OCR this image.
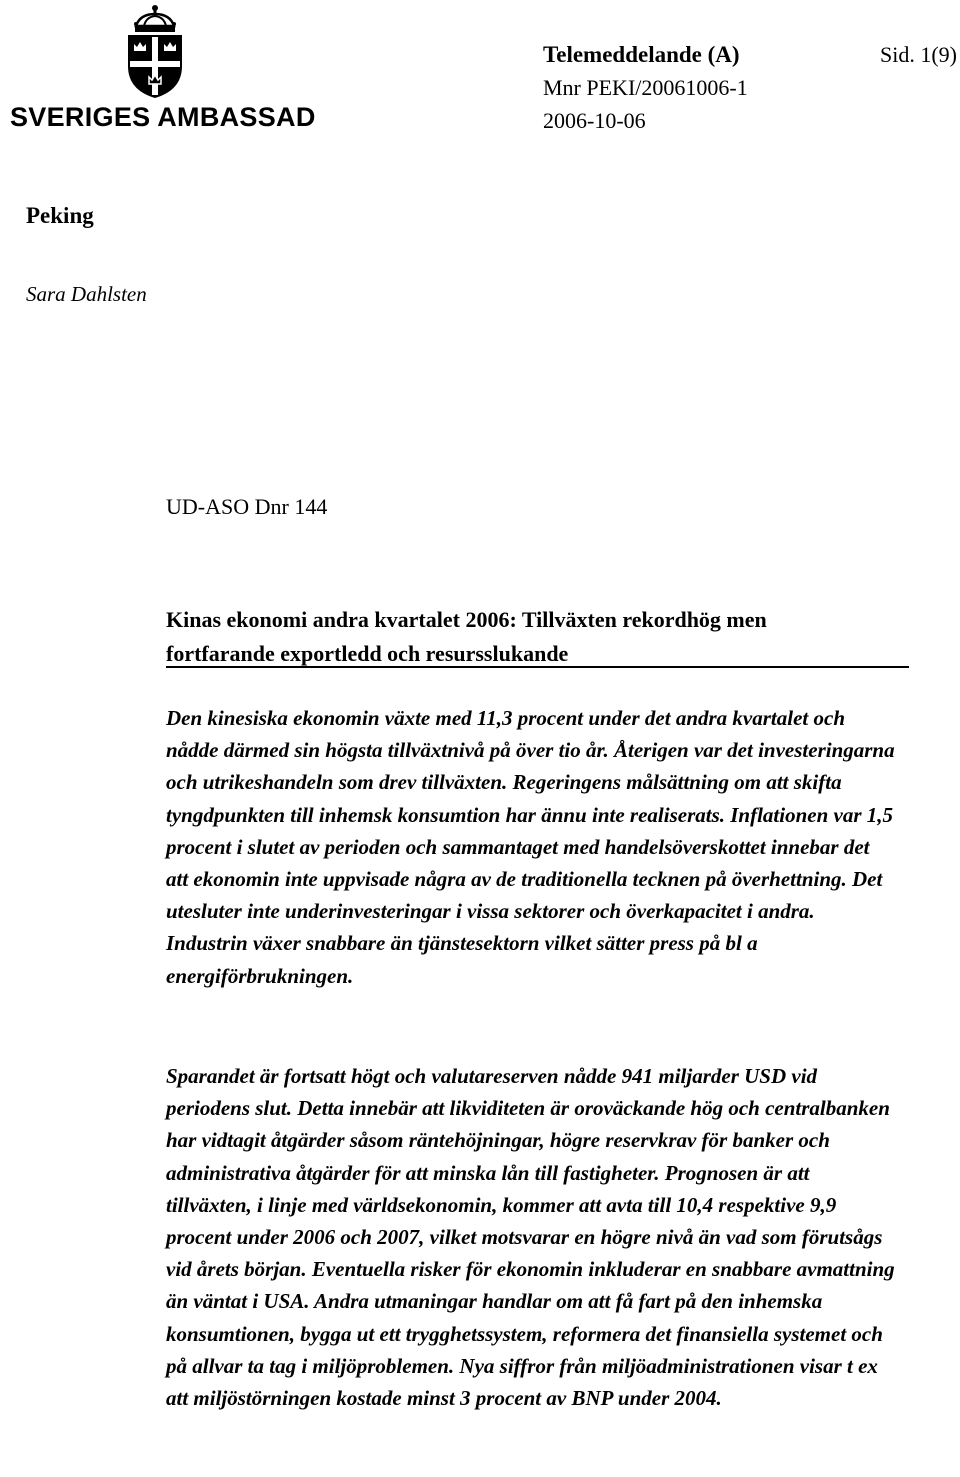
SVERIGES AMBASSAD
Telemeddelande (A)	Sid. 1(9)
Mnr PEKI/20061006-1
2006-10-06
Peking
Sara Dahlsten
UD-ASO Dnr 144
Kinas ekonomi andra kvartalet 2006: Tillväxten rekordhög men fortfarande exportledd och resursslukande

Den kinesiska ekonomin växte med 11,3 procent under det andra kvartalet och nådde därmed sin högsta tillväxtnivå på över tio år. Återigen var det investeringarna och utrikeshandeln som drev tillväxten. Regeringens målsättning om att skifta tyngdpunkten till inhemsk konsumtion har ännu inte realiserats. Inflationen var 1,5 procent i slutet av perioden och sammantaget med handelsöverskottet innebar det att ekonomin inte uppvisade några av de traditionella tecknen på överhettning. Det utesluter inte underinvesteringar i vissa sektorer och överkapacitet i andra. Industrin växer snabbare än tjänstesektorn vilket sätter press på bl a energiförbrukningen.

Sparandet är fortsatt högt och valutareserven nådde 941 miljarder USD vid periodens slut. Detta innebär att likviditeten är oroväckande hög och centralbanken har vidtagit åtgärder såsom räntehöjningar, högre reservkrav för banker och administrativa åtgärder för att minska lån till fastigheter. Prognosen är att tillväxten, i linje med världsekonomin, kommer att avta till 10,4 respektive 9,9 procent under 2006 och 2007, vilket motsvarar en högre nivå än vad som förutsågs vid årets början. Eventuella risker för ekonomin inkluderar en snabbare avmattning än väntat i USA. Andra utmaningar handlar om att få fart på den inhemska konsumtionen, bygga ut ett trygghetssystem, reformera det finansiella systemet och på allvar ta tag i miljöproblemen. Nya siffror från miljöadministrationen visar t ex att miljöstörningen kostade minst 3 procent av BNP under 2004.
